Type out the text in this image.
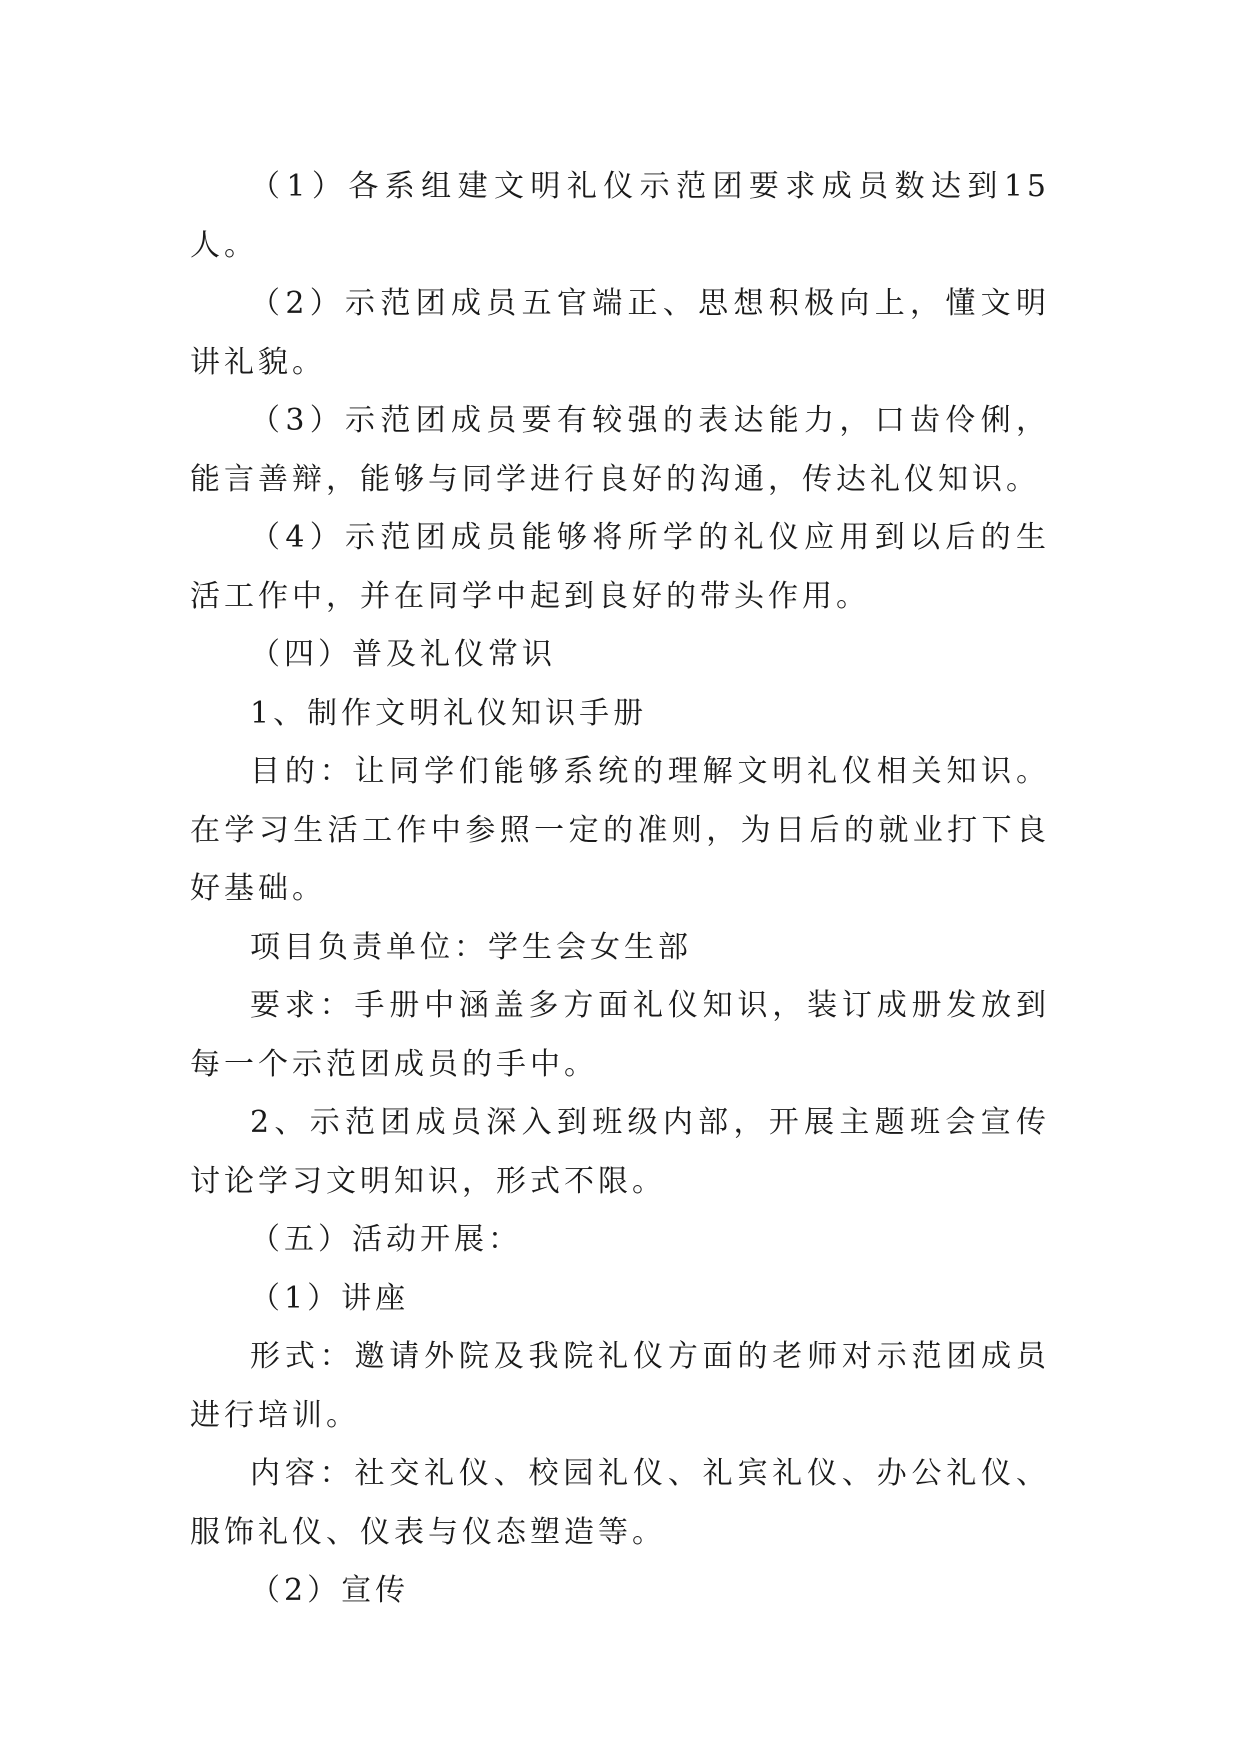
（1）各系组建文明礼仪示范团要求成员数达到15人。

（2）示范团成员五官端正、思想积极向上，懂文明讲礼貌。

（3）示范团成员要有较强的表达能力，口齿伶俐，能言善辩，能够与同学进行良好的沟通，传达礼仪知识。

（4）示范团成员能够将所学的礼仪应用到以后的生活工作中，并在同学中起到良好的带头作用。

（四）普及礼仪常识

1、制作文明礼仪知识手册

目的：让同学们能够系统的理解文明礼仪相关知识。在学习生活工作中参照一定的准则，为日后的就业打下良好基础。

项目负责单位：学生会女生部

要求：手册中涵盖多方面礼仪知识，装订成册发放到每一个示范团成员的手中。

2、示范团成员深入到班级内部，开展主题班会宣传讨论学习文明知识，形式不限。

（五）活动开展：

（1）讲座

形式：邀请外院及我院礼仪方面的老师对示范团成员进行培训。

内容：社交礼仪、校园礼仪、礼宾礼仪、办公礼仪、服饰礼仪、仪表与仪态塑造等。

（2）宣传
